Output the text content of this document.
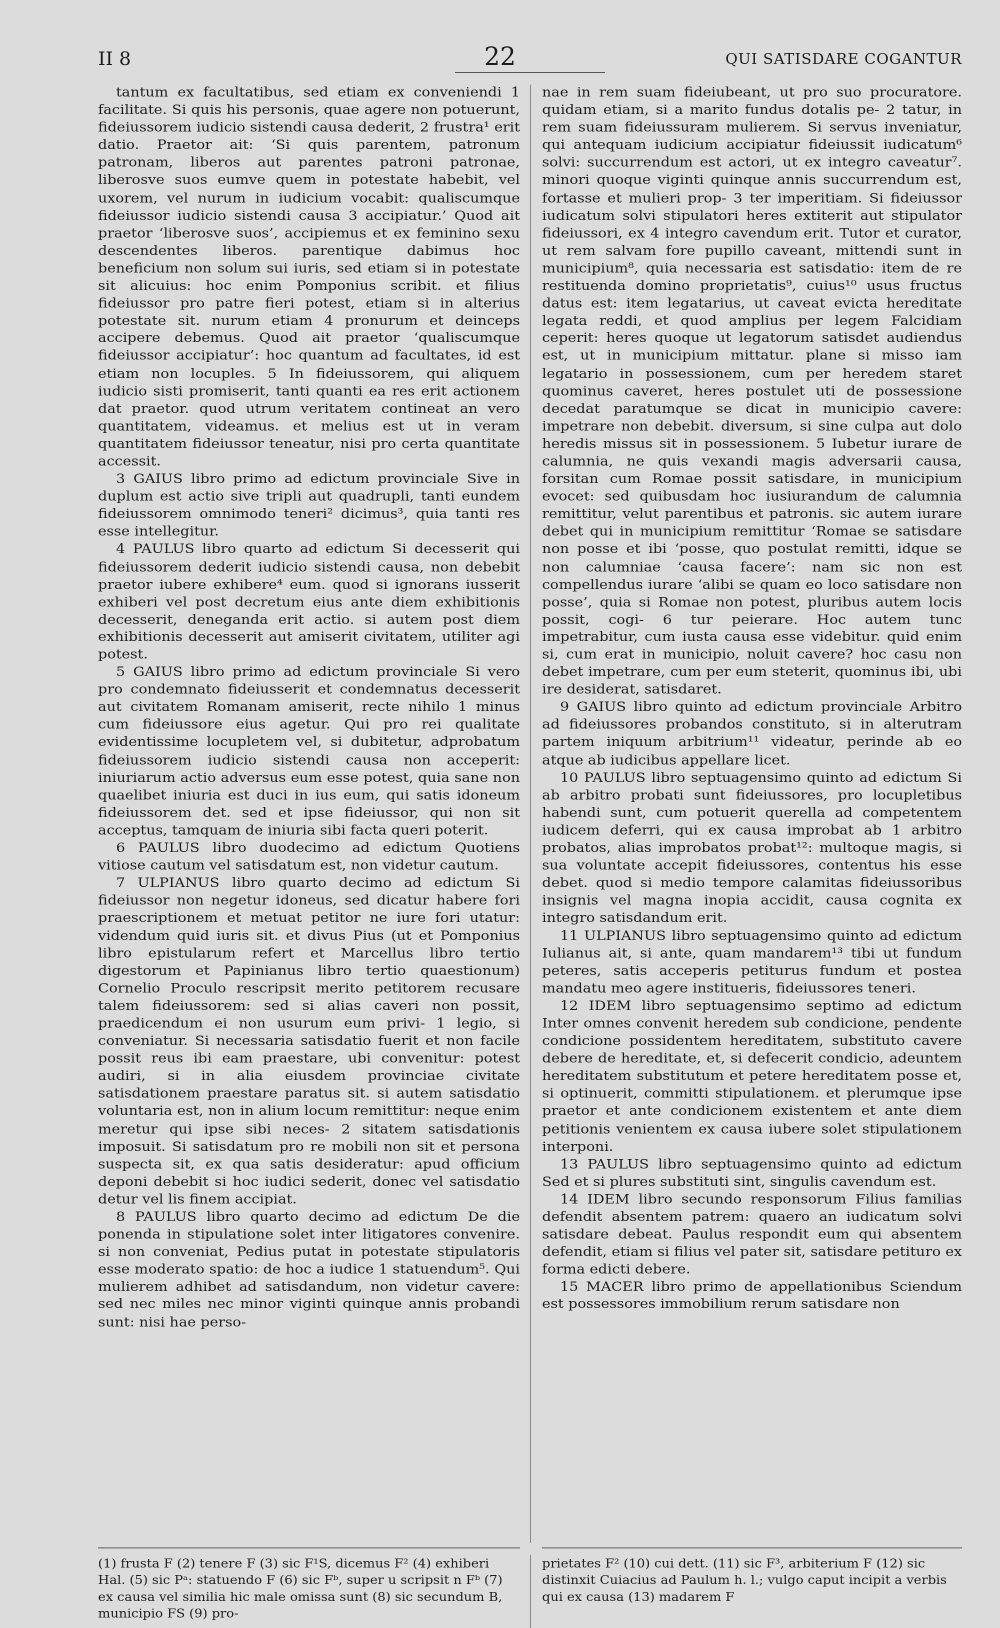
II 8	22	QUI SATISDARE COGANTUR

tantum ex facultatibus, sed etiam ex conveniendi 1 facilitate. Si quis his personis, quae agere non potuerunt, fideiussorem iudicio sistendi causa dederit, 2 frustra¹ erit datio. Praetor ait: ‘Si quis parentem, patronum patronam, liberos aut parentes patroni patronae, liberosve suos eumve quem in potestate habebit, vel uxorem, vel nurum in iudicium vocabit: qualiscumque fideiussor iudicio sistendi causa 3 accipiatur.’ Quod ait praetor ‘liberosve suos’, accipiemus et ex feminino sexu descendentes liberos. parentique dabimus hoc beneficium non solum sui iuris, sed etiam si in potestate sit alicuius: hoc enim Pomponius scribit. et filius fideiussor pro patre fieri potest, etiam si in alterius potestate sit. nurum etiam 4 pronurum et deinceps accipere debemus. Quod ait praetor ‘qualiscumque fideiussor accipiatur’: hoc quantum ad facultates, id est etiam non locuples. 5 In fideiussorem, qui aliquem iudicio sisti promiserit, tanti quanti ea res erit actionem dat praetor. quod utrum veritatem contineat an vero quantitatem, videamus. et melius est ut in veram quantitatem fideiussor teneatur, nisi pro certa quantitate accessit.

3 GAIUS libro primo ad edictum provinciale Sive in duplum est actio sive tripli aut quadrupli, tanti eundem fideiussorem omnimodo teneri² dicimus³, quia tanti res esse intellegitur.

4 PAULUS libro quarto ad edictum Si decesserit qui fideiussorem dederit iudicio sistendi causa, non debebit praetor iubere exhibere⁴ eum. quod si ignorans iusserit exhiberi vel post decretum eius ante diem exhibitionis decesserit, deneganda erit actio. si autem post diem exhibitionis decesserit aut amiserit civitatem, utiliter agi potest.

5 GAIUS libro primo ad edictum provinciale Si vero pro condemnato fideiusserit et condemnatus decesserit aut civitatem Romanam amiserit, recte nihilo 1 minus cum fideiussore eius agetur. Qui pro rei qualitate evidentissime locupletem vel, si dubitetur, adprobatum fideiussorem iudicio sistendi causa non acceperit: iniuriarum actio adversus eum esse potest, quia sane non quaelibet iniuria est duci in ius eum, qui satis idoneum fideiussorem det. sed et ipse fideiussor, qui non sit acceptus, tamquam de iniuria sibi facta queri poterit.

6 PAULUS libro duodecimo ad edictum Quotiens vitiose cautum vel satisdatum est, non videtur cautum.

7 ULPIANUS libro quarto decimo ad edictum Si fideiussor non negetur idoneus, sed dicatur habere fori praescriptionem et metuat petitor ne iure fori utatur: videndum quid iuris sit. et divus Pius (ut et Pomponius libro epistularum refert et Marcellus libro tertio digestorum et Papinianus libro tertio quaestionum) Cornelio Proculo rescripsit merito petitorem recusare talem fideiussorem: sed si alias caveri non possit, praedicendum ei non usurum eum privi- 1 legio, si conveniatur. Si necessaria satisdatio fuerit et non facile possit reus ibi eam praestare, ubi convenitur: potest audiri, si in alia eiusdem provinciae civitate satisdationem praestare paratus sit. si autem satisdatio voluntaria est, non in alium locum remittitur: neque enim meretur qui ipse sibi neces- 2 sitatem satisdationis imposuit. Si satisdatum pro re mobili non sit et persona suspecta sit, ex qua satis desideratur: apud officium deponi debebit si hoc iudici sederit, donec vel satisdatio detur vel lis finem accipiat.

8 PAULUS libro quarto decimo ad edictum De die ponenda in stipulatione solet inter litigatores convenire. si non conveniat, Pedius putat in potestate stipulatoris esse moderato spatio: de hoc a iudice 1 statuendum⁵. Qui mulierem adhibet ad satisdandum, non videtur cavere: sed nec miles nec minor viginti quinque annis probandi sunt: nisi hae perso-

nae in rem suam fideiubeant, ut pro suo procuratore. quidam etiam, si a marito fundus dotalis pe- 2 tatur, in rem suam fideiussuram mulierem. Si servus inveniatur, qui antequam iudicium accipiatur fideiussit iudicatum⁶ solvi: succurrendum est actori, ut ex integro caveatur⁷. minori quoque viginti quinque annis succurrendum est, fortasse et mulieri prop- 3 ter imperitiam. Si fideiussor iudicatum solvi stipulatori heres extiterit aut stipulator fideiussori, ex 4 integro cavendum erit. Tutor et curator, ut rem salvam fore pupillo caveant, mittendi sunt in municipium⁸, quia necessaria est satisdatio: item de re restituenda domino proprietatis⁹, cuius¹⁰ usus fructus datus est: item legatarius, ut caveat evicta hereditate legata reddi, et quod amplius per legem Falcidiam ceperit: heres quoque ut legatorum satisdet audiendus est, ut in municipium mittatur. plane si misso iam legatario in possessionem, cum per heredem staret quominus caveret, heres postulet uti de possessione decedat paratumque se dicat in municipio cavere: impetrare non debebit. diversum, si sine culpa aut dolo heredis missus sit in possessionem. 5 Iubetur iurare de calumnia, ne quis vexandi magis adversarii causa, forsitan cum Romae possit satisdare, in municipium evocet: sed quibusdam hoc iusiurandum de calumnia remittitur, velut parentibus et patronis. sic autem iurare debet qui in municipium remittitur ‘Romae se satisdare non posse et ibi ‘posse, quo postulat remitti, idque se non calumniae ‘causa facere’: nam sic non est compellendus iurare ‘alibi se quam eo loco satisdare non posse’, quia si Romae non potest, pluribus autem locis possit, cogi- 6 tur peierare. Hoc autem tunc impetrabitur, cum iusta causa esse videbitur. quid enim si, cum erat in municipio, noluit cavere? hoc casu non debet impetrare, cum per eum steterit, quominus ibi, ubi ire desiderat, satisdaret.

9 GAIUS libro quinto ad edictum provinciale Arbitro ad fideiussores probandos constituto, si in alterutram partem iniquum arbitrium¹¹ videatur, perinde ab eo atque ab iudicibus appellare licet.

10 PAULUS libro septuagensimo quinto ad edictum Si ab arbitro probati sunt fideiussores, pro locupletibus habendi sunt, cum potuerit querella ad competentem iudicem deferri, qui ex causa improbat ab 1 arbitro probatos, alias improbatos probat¹²: multoque magis, si sua voluntate accepit fideiussores, contentus his esse debet. quod si medio tempore calamitas fideiussoribus insignis vel magna inopia accidit, causa cognita ex integro satisdandum erit.

11 ULPIANUS libro septuagensimo quinto ad edictum Iulianus ait, si ante, quam mandarem¹³ tibi ut fundum peteres, satis acceperis petiturus fundum et postea mandatu meo agere institueris, fideiussores teneri.

12 IDEM libro septuagensimo septimo ad edictum Inter omnes convenit heredem sub condicione, pendente condicione possidentem hereditatem, substituto cavere debere de hereditate, et, si defecerit condicio, adeuntem hereditatem substitutum et petere hereditatem posse et, si optinuerit, committi stipulationem. et plerumque ipse praetor et ante condicionem existentem et ante diem petitionis venientem ex causa iubere solet stipulationem interponi.

13 PAULUS libro septuagensimo quinto ad edictum Sed et si plures substituti sint, singulis cavendum est.

14 IDEM libro secundo responsorum Filius familias defendit absentem patrem: quaero an iudicatum solvi satisdare debeat. Paulus respondit eum qui absentem defendit, etiam si filius vel pater sit, satisdare petituro ex forma edicti debere.

15 MACER libro primo de appellationibus Sciendum est possessores immobilium rerum satisdare non

(1) frusta F (2) tenere F (3) sic F¹S, dicemus F² (4) exhiberi Hal. (5) sic Pᵃ: statuendo F (6) sic Fᵇ, super u scripsit n Fᵇ (7) ex causa vel similia hic male omissa sunt (8) sic secundum B, municipio FS (9) pro-
prietates F² (10) cui dett. (11) sic F³, arbiterium F (12) sic distinxit Cuiacius ad Paulum h. l.; vulgo caput incipit a verbis qui ex causa (13) madarem F
